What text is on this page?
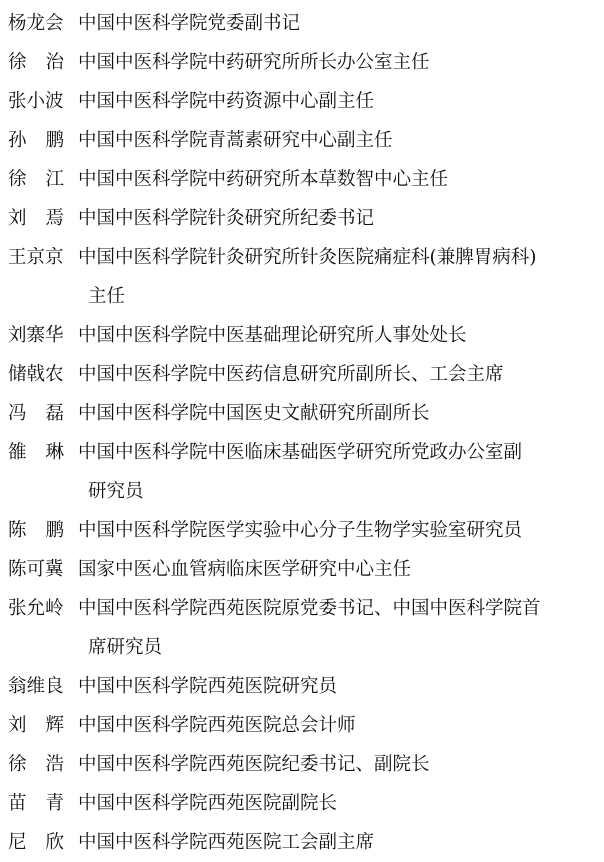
杨龙会 中国中医科学院党委副书记
徐 治 中国中医科学院中药研究所所长办公室主任
张小波 中国中医科学院中药资源中心副主任
孙 鹏 中国中医科学院青蒿素研究中心副主任
徐 江 中国中医科学院中药研究所本草数智中心主任
刘 焉 中国中医科学院针灸研究所纪委书记
王京京 中国中医科学院针灸研究所针灸医院痛症科(兼脾胃病科)
主任
刘寨华 中国中医科学院中医基础理论研究所人事处处长
储戟农 中国中医科学院中医药信息研究所副所长、工会主席
冯 磊 中国中医科学院中国医史文献研究所副所长
雒 琳 中国中医科学院中医临床基础医学研究所党政办公室副
研究员
陈 鹏 中国中医科学院医学实验中心分子生物学实验室研究员
陈可冀 国家中医心血管病临床医学研究中心主任
张允岭 中国中医科学院西苑医院原党委书记、中国中医科学院首
席研究员
翁维良 中国中医科学院西苑医院研究员
刘 辉 中国中医科学院西苑医院总会计师
徐 浩 中国中医科学院西苑医院纪委书记、副院长
苗 青 中国中医科学院西苑医院副院长
尼 欣 中国中医科学院西苑医院工会副主席
